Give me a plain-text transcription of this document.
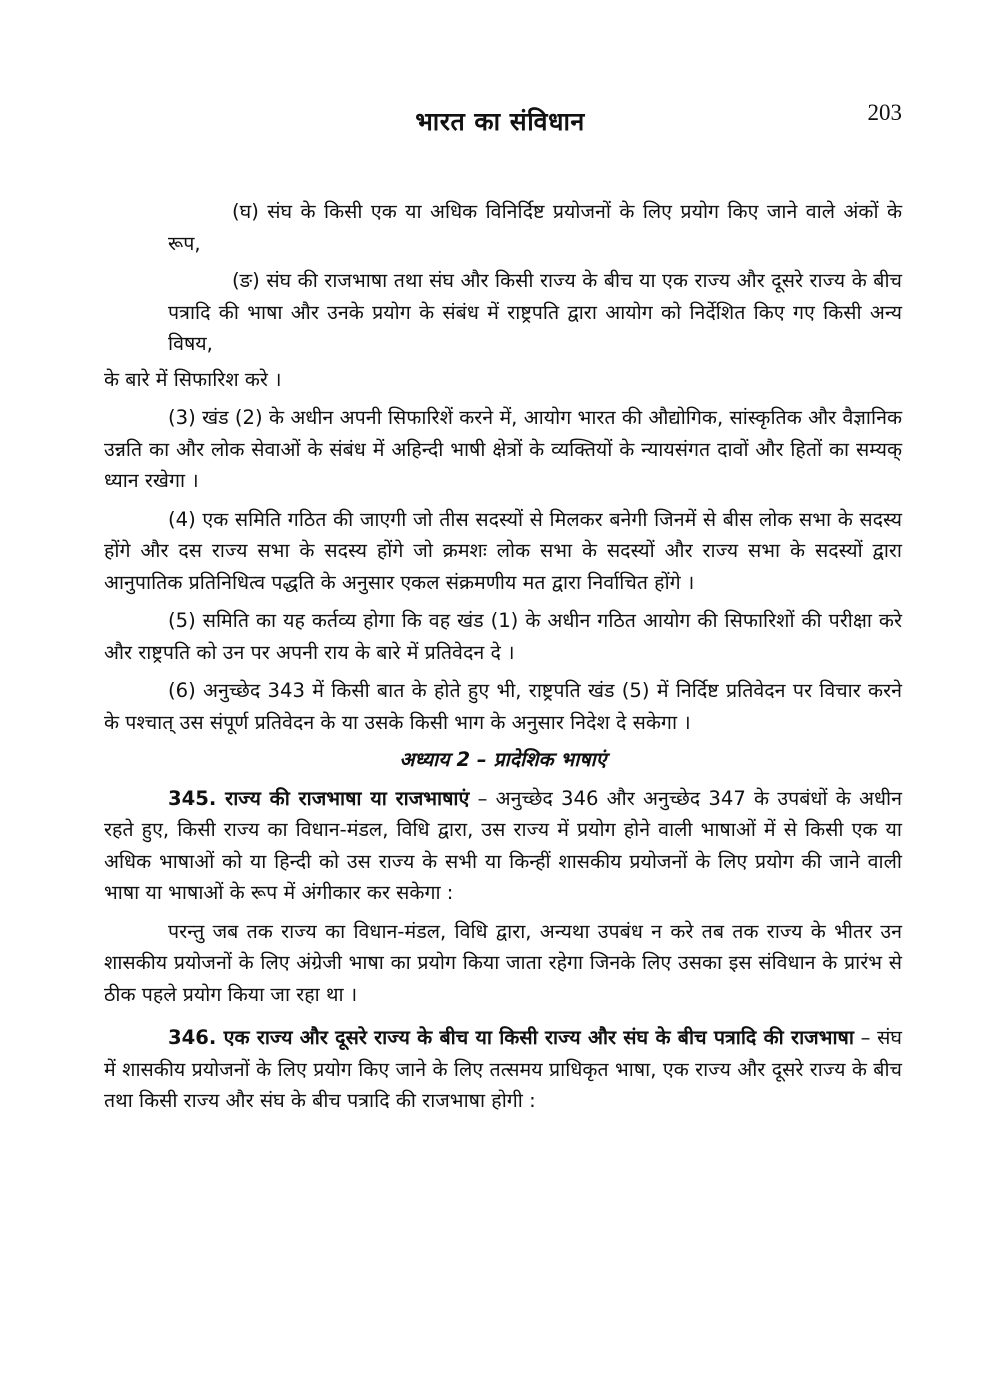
भारत का संविधान	203

(घ) संघ के किसी एक या अधिक विनिर्दिष्ट प्रयोजनों के लिए प्रयोग किए जाने वाले अंकों के रूप,

(ङ) संघ की राजभाषा तथा संघ और किसी राज्य के बीच या एक राज्य और दूसरे राज्य के बीच पत्रादि की भाषा और उनके प्रयोग के संबंध में राष्ट्रपति द्वारा आयोग को निर्देशित किए गए किसी अन्य विषय,

के बारे में सिफारिश करे ।

(3) खंड (2) के अधीन अपनी सिफारिशें करने में, आयोग भारत की औद्योगिक, सांस्कृतिक और वैज्ञानिक उन्नति का और लोक सेवाओं के संबंध में अहिन्दी भाषी क्षेत्रों के व्यक्तियों के न्यायसंगत दावों और हितों का सम्यक् ध्यान रखेगा ।

(4) एक समिति गठित की जाएगी जो तीस सदस्यों से मिलकर बनेगी जिनमें से बीस लोक सभा के सदस्य होंगे और दस राज्य सभा के सदस्य होंगे जो क्रमशः लोक सभा के सदस्यों और राज्य सभा के सदस्यों द्वारा आनुपातिक प्रतिनिधित्व पद्धति के अनुसार एकल संक्रमणीय मत द्वारा निर्वाचित होंगे ।

(5) समिति का यह कर्तव्य होगा कि वह खंड (1) के अधीन गठित आयोग की सिफारिशों की परीक्षा करे और राष्ट्रपति को उन पर अपनी राय के बारे में प्रतिवेदन दे ।

(6) अनुच्छेद 343 में किसी बात के होते हुए भी, राष्ट्रपति खंड (5) में निर्दिष्ट प्रतिवेदन पर विचार करने के पश्चात् उस संपूर्ण प्रतिवेदन के या उसके किसी भाग के अनुसार निदेश दे सकेगा ।

अध्याय 2 – प्रादेशिक भाषाएं

345. राज्य की राजभाषा या राजभाषाएं – अनुच्छेद 346 और अनुच्छेद 347 के उपबंधों के अधीन रहते हुए, किसी राज्य का विधान-मंडल, विधि द्वारा, उस राज्य में प्रयोग होने वाली भाषाओं में से किसी एक या अधिक भाषाओं को या हिन्दी को उस राज्य के सभी या किन्हीं शासकीय प्रयोजनों के लिए प्रयोग की जाने वाली भाषा या भाषाओं के रूप में अंगीकार कर सकेगा :

परन्तु जब तक राज्य का विधान-मंडल, विधि द्वारा, अन्यथा उपबंध न करे तब तक राज्य के भीतर उन शासकीय प्रयोजनों के लिए अंग्रेजी भाषा का प्रयोग किया जाता रहेगा जिनके लिए उसका इस संविधान के प्रारंभ से ठीक पहले प्रयोग किया जा रहा था ।

346. एक राज्य और दूसरे राज्य के बीच या किसी राज्य और संघ के बीच पत्रादि की राजभाषा – संघ में शासकीय प्रयोजनों के लिए प्रयोग किए जाने के लिए तत्समय प्राधिकृत भाषा, एक राज्य और दूसरे राज्य के बीच तथा किसी राज्य और संघ के बीच पत्रादि की राजभाषा होगी :
